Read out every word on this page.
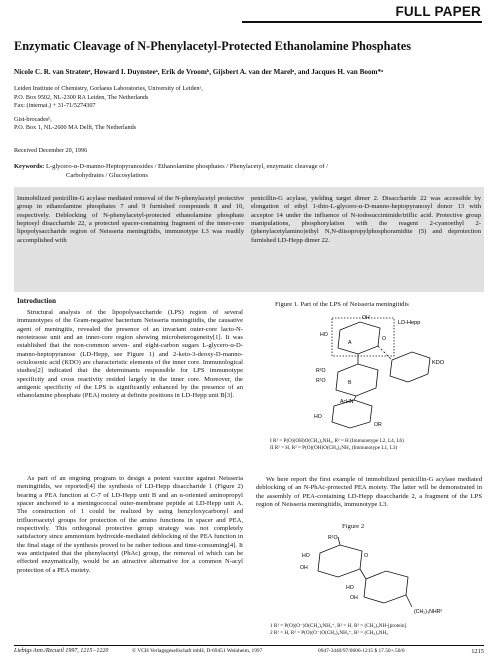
FULL PAPER
Enzymatic Cleavage of N-Phenylacetyl-Protected Ethanolamine Phosphates
Nicole C. R. van Stratenᵃ, Howard I. Duynsteeᵃ, Erik de Vroomᵇ, Gijsbert A. van der Marelᵃ, and Jacques H. van Boom*ᵃ
Leiden Institute of Chemistry, Gorlaeus Laboratories, University of Leidenᵃ,
P.O. Box 9502, NL-2300 RA Leiden, The Netherlands
Fax: (internat.) + 31-71/5274307
Gist-brocadesᵇ,
P.O. Box 1, NL-2600 MA Delft, The Netherlands
Received December 20, 1996
Keywords: L-glycero-α-D-manno-Heptopyranosides / Ethanolamine phosphates / Phenylacetyl, enzymatic cleavage of /
Carbohydrates / Glucosylations

Immobilized penicillin-G acylase mediated removal of the N-phenylacetyl protective group in ethanolamine phosphates 7 and 9 furnished compounds 8 and 10, respectively. Deblocking of N-phenylacetyl-protected ethanolamine phosphate heptosyl disaccharide 22, a protected spacer-containing fragment of the inner-core lipopolysaccharide region of Neisseria meningitidis, immunotype L3 was readily accomplished with

penicillin-G acylase, yielding target dimer 2. Disaccharide 22 was accessible by elongation of ethyl 1-thio-L-glycero-α-D-manno-heptopyranosyl donor 13 with acceptor 14 under the influence of N-iodosuccinimide/triflic acid. Protective group manipulations, phosphorylation with the reagent 2-cyanoethyl 2-(phenylacetylamino)ethyl N,N-diisopropylphosphoramidite (5) and deprotection furnished LD-Hepp dimer 22.

Introduction

Structural analysis of the lipopolysaccharide (LPS) region of several immunotypes of the Gram-negative bacterium Neisseria meningitidis, the causative agent of meningitis, revealed the presence of an invariant outer-core lacto-N-neotetraose unit and an inner-core region showing microheterogeneity[1]. It was established that the non-common seven- and eight-carbon sugars L-glycero-α-D-manno-heptopyranose (LD-Hepp, see Figure 1) and 2-keto-3-deoxy-D-manno-octulosonic acid (KDO) are characteristic elements of the inner core. Immunological studies[2] indicated that the determinants responsible for LPS immunotype specificity and cross reactivity resided largely in the inner core. Moreover, the antigenic specificity of the LPS is significantly enhanced by the presence of an ethanolamine phosphate (PEA) moiety at definite positions in LD-Hepp unit B[3].

As part of an ongoing program to design a potent vaccine against Neisseria meningitidis, we reported[4] the synthesis of LD-Hepp disaccharide 1 (Figure 2) bearing a PEA function at C-7 of LD-Hepp unit B and an α-oriented aminopropyl spacer anchored to a meningococcal outer-membrane peptide at LD-Hepp unit A. The construction of 1 could be realized by using benzyloxycarbonyl and trifluoroacetyl groups for protection of the amino functions in spacer and PEA, respectively. This orthogonal protective group strategy was not completely satisfactory since ammonium hydroxide-mediated deblocking of the PEA function in the final stage of the synthesis proved to be rather tedious and time-consuming[4]. It was anticipated that the phenylacetyl (PhAc) group, the removal of which can be effected enzymatically, would be an attractive alternative for a common N-acyl protection of a PEA moiety.

Figure 1. Part of the LPS of Neisseria meningitidis
LD-Hepp
KDO
HO
OH
O
A
B
R²O
R¹O
AcHN
HO
OR
I R¹ = P(O)(OH)O(CH₂)₂NH₂, R² = H (Immunotype L2, L4, L6)
II R¹ = H, R² = P(O)(OH)O(CH₂)₂NH₂ (Immunotype L1, L3)

We here report the first example of immobilized penicillin-G acylase mediated deblocking of an N-PhAc-protected PEA moiety. The latter will be demonstrated in the assembly of PEA-containing LD-Hepp disaccharide 2, a fragment of the LPS region of Neisseria meningitidis, immunotype L3.

Figure 2
R¹O
HO
OH
O
HO
OH
(CH₂)₃NHR²
1 R¹ = P(O)(O⁻)O(CH₂)₂NH₃⁺, R² = H, R² = (CH₂)₃NH-[protein]
2 R¹ = H, R² = P(O)(O⁻)O(CH₂)₂NH₃⁺, R² = (CH₂)₃NH₂
Liebigs Ann./Recueil 1997, 1215−1220	© VCH Verlagsgesellschaft mbH, D-69451 Weinheim, 1997	0947-3440/97/0606-1215 $ 17.50+.50/0	1215
